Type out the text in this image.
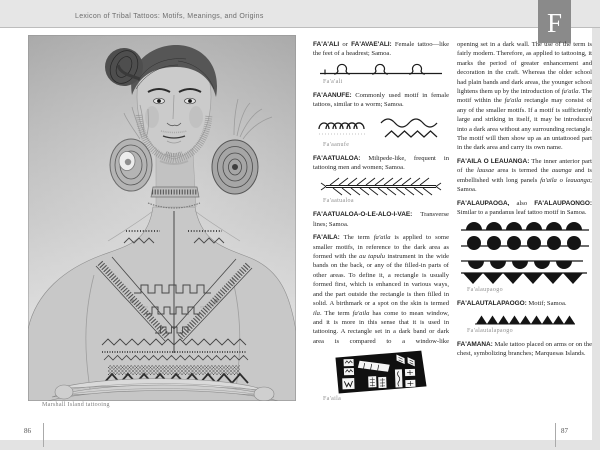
Lexicon of Tribal Tattoos: Motifs, Meanings, and Origins	F
Marshall Island tattooing

FA'A'ALI or FA'AVAE'ALI: Female tattoo—like the feet of a headrest; Samoa.

Fa'a'ali

FA'AANUFE: Commonly used motif in female tattoos, similar to a worm; Samoa.

Fa'aanufe

FA'AATUALOA: Milipede-like, frequent in tattooing men and women; Samoa.

Fa'aatualoa

FA'AATUALOA-O-LE-ALO-I-VAE: Transverse lines; Samoa.

FA'AILA: The term fa'aila is applied to some smaller motifs, in reference to the dark area as formed with the au tapulu instrument in the wide bands on the back, or any of the filled-in parts of other areas. To define it, a rectangle is usually formed first, which is enhanced in various ways, and the part outside the rectangle is then filled in solid. A birthmark or a spot on the skin is termed ila. The term fa'aila has come to mean window, and it is more in this sense that it is used in tattooing. A rectangle set in a dark band or dark area is compared to a window-like

Fa'aila

opening set in a dark wall. The use of the term is fairly modern. Therefore, as applied to tattooing, it marks the period of greater enhancement and decoration in the craft. Whereas the older school had plain bands and dark areas, the younger school lightens them up by the introduction of fa'aila. The motif within the fa'aila rectangle may consist of any of the smaller motifs. If a motif is sufficiently large and striking in itself, it may be introduced into a dark area without any surrounding rectangle. The motif will then show up as an untattooed part in the dark area and carry its own name.

FA'AILA O LEAUANGA: The inner anterior part of the lausae area is termed the auanga and is embellished with long panels fa'aila o leauanga; Samoa.

FA'ALAUPAOGA, also FA'ALAUPAONGO: Similar to a pandanus leaf tattoo motif in Samoa.

Fa'alaupaogo

FA'ALAUTALAPAOGO: Motif; Samoa.

Fa'alautalapaogo

FA'AMANA: Male tattoo placed on arms or on the chest, symbolizing branches; Marquesas Islands.

86	87
